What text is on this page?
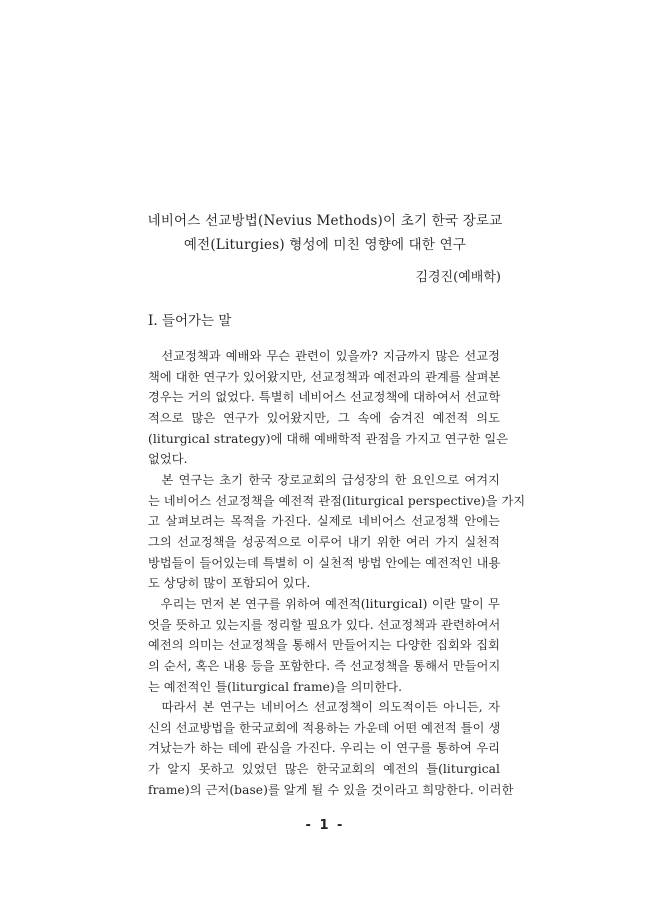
네비어스 선교방법(Nevius Methods)이 초기 한국 장로교
예전(Liturgies) 형성에 미친 영향에 대한 연구
김경진(예배학)
I. 들어가는 말
　선교정책과 예배와 무슨 관련이 있을까? 지금까지 많은 선교정
책에 대한 연구가 있어왔지만, 선교정책과 예전과의 관계를 살펴본
경우는 거의 없었다. 특별히 네비어스 선교정책에 대하여서 선교학
적으로 많은 연구가 있어왔지만, 그 속에 숨겨진 예전적 의도
(liturgical strategy)에 대해 예배학적 관점을 가지고 연구한 일은
없었다.
　본 연구는 초기 한국 장로교회의 급성장의 한 요인으로 여겨지
는 네비어스 선교정책을 예전적 관점(liturgical perspective)을 가지
고 살펴보려는 목적을 가진다. 실제로 네비어스 선교정책 안에는
그의 선교정책을 성공적으로 이루어 내기 위한 여러 가지 실천적
방법들이 들어있는데 특별히 이 실천적 방법 안에는 예전적인 내용
도 상당히 많이 포함되어 있다.
　우리는 먼저 본 연구를 위하여 예전적(liturgical) 이란 말이 무
엇을 뜻하고 있는지를 정리할 필요가 있다. 선교정책과 관련하여서
예전의 의미는 선교정책을 통해서 만들어지는 다양한 집회와 집회
의 순서, 혹은 내용 등을 포함한다. 즉 선교정책을 통해서 만들어지
는 예전적인 틀(liturgical frame)을 의미한다.
　따라서 본 연구는 네비어스 선교정책이 의도적이든 아니든, 자
신의 선교방법을 한국교회에 적용하는 가운데 어떤 예전적 틀이 생
겨났는가 하는 데에 관심을 가진다. 우리는 이 연구를 통하여 우리
가 알지 못하고 있었던 많은 한국교회의 예전의 틀(liturgical
frame)의 근저(base)를 알게 될 수 있을 것이라고 희망한다. 이러한
- 1 -
